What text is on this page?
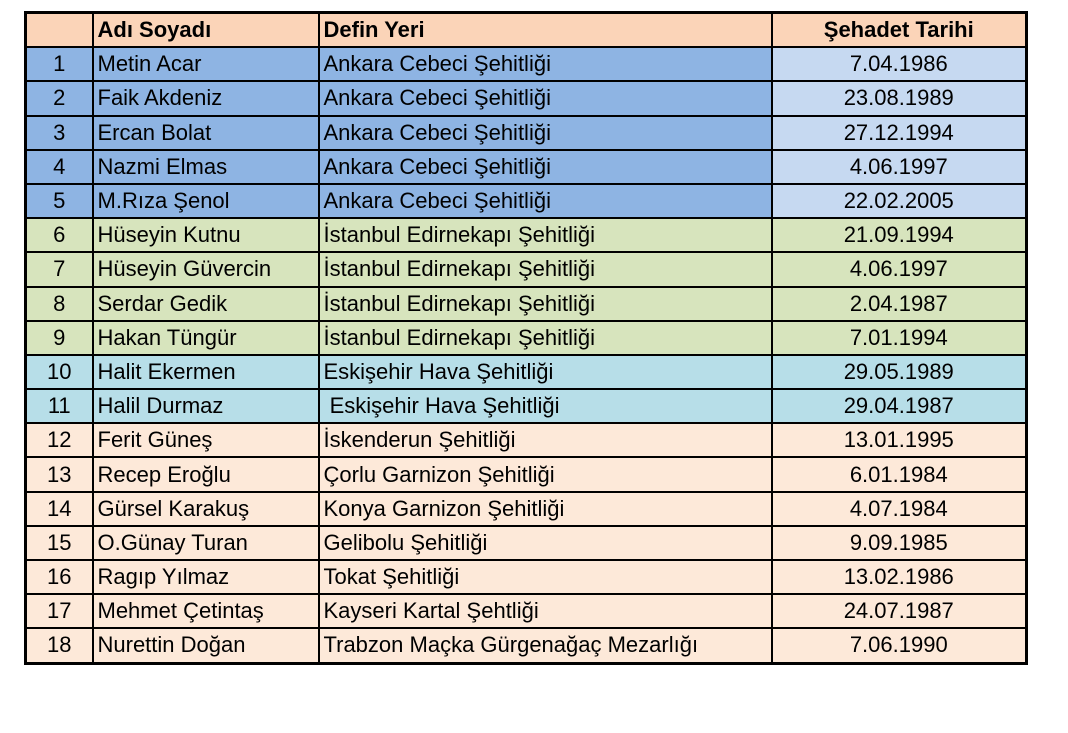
	Adı Soyadı	Defin Yeri	Şehadet Tarihi
1	Metin Acar	Ankara Cebeci Şehitliği	7.04.1986
2	Faik Akdeniz	Ankara Cebeci Şehitliği	23.08.1989
3	Ercan Bolat	Ankara Cebeci Şehitliği	27.12.1994
4	Nazmi Elmas	Ankara Cebeci Şehitliği	4.06.1997
5	M.Rıza Şenol	Ankara Cebeci Şehitliği	22.02.2005
6	Hüseyin Kutnu	İstanbul Edirnekapı Şehitliği	21.09.1994
7	Hüseyin Güvercin	İstanbul Edirnekapı Şehitliği	4.06.1997
8	Serdar Gedik	İstanbul Edirnekapı Şehitliği	2.04.1987
9	Hakan Tüngür	İstanbul Edirnekapı Şehitliği	7.01.1994
10	Halit Ekermen	Eskişehir Hava Şehitliği	29.05.1989
11	Halil Durmaz	Eskişehir Hava Şehitliği	29.04.1987
12	Ferit Güneş	İskenderun Şehitliği	13.01.1995
13	Recep Eroğlu	Çorlu Garnizon Şehitliği	6.01.1984
14	Gürsel Karakuş	Konya Garnizon Şehitliği	4.07.1984
15	O.Günay Turan	Gelibolu Şehitliği	9.09.1985
16	Ragıp Yılmaz	Tokat Şehitliği	13.02.1986
17	Mehmet Çetintaş	Kayseri Kartal Şehtliği	24.07.1987
18	Nurettin Doğan	Trabzon Maçka Gürgenağaç Mezarlığı	7.06.1990
